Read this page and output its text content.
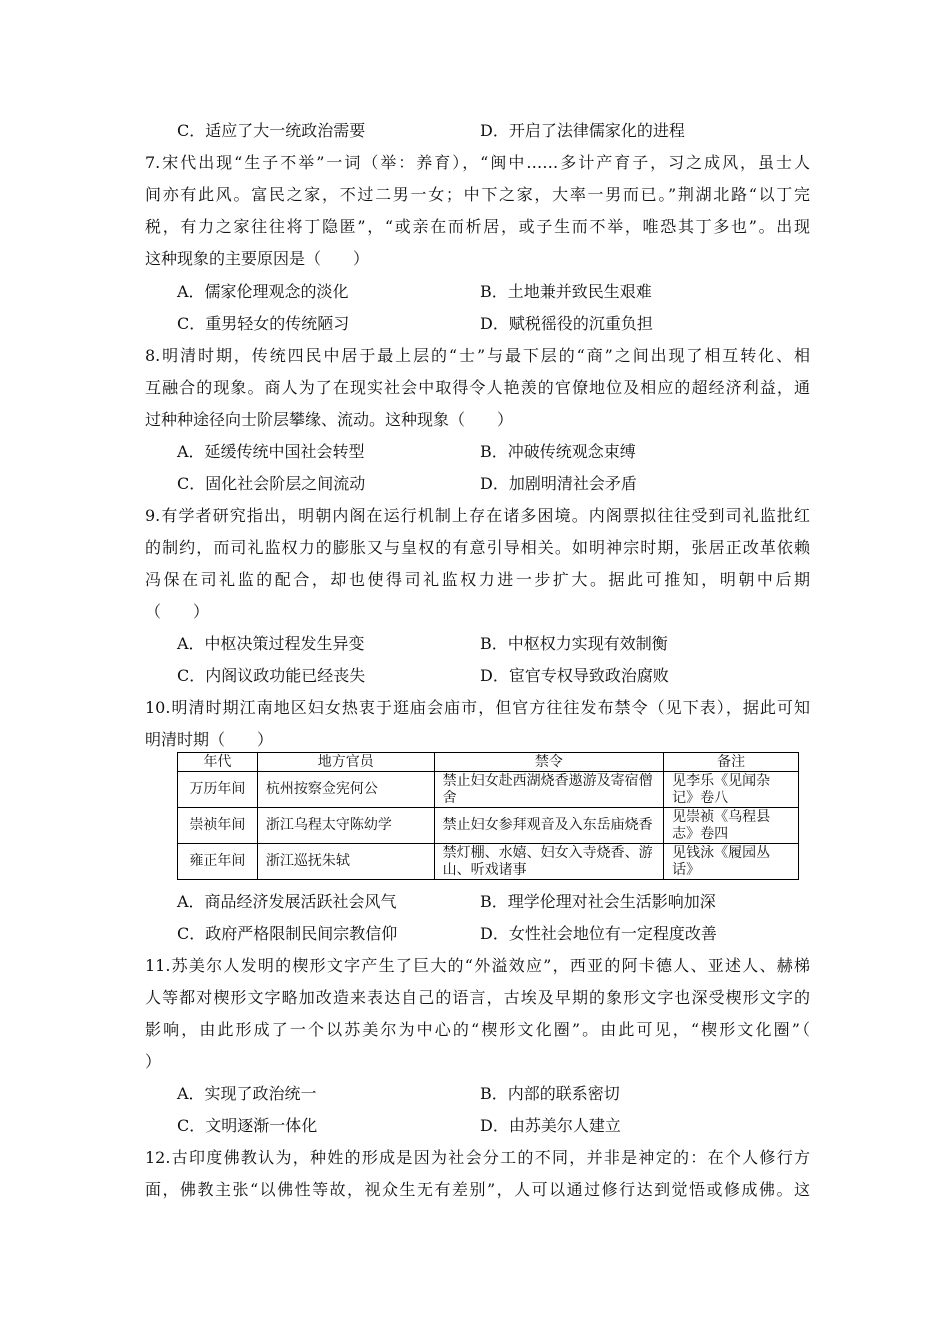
C．适应了大一统政治需要	D．开启了法律儒家化的进程
7.宋代出现“生子不举”一词（举：养育），“闽中……多计产育子，习之成风，虽士人
间亦有此风。富民之家，不过二男一女；中下之家，大率一男而已。”荆湖北路“以丁完
税，有力之家往往将丁隐匿”，“或亲在而析居，或子生而不举，唯恐其丁多也”。出现
这种现象的主要原因是（　　）
A．儒家伦理观念的淡化	B．土地兼并致民生艰难
C．重男轻女的传统陋习	D．赋税徭役的沉重负担
8.明清时期，传统四民中居于最上层的“士”与最下层的“商”之间出现了相互转化、相
互融合的现象。商人为了在现实社会中取得令人艳羡的官僚地位及相应的超经济利益，通
过种种途径向士阶层攀缘、流动。这种现象（　　）
A．延缓传统中国社会转型	B．冲破传统观念束缚
C．固化社会阶层之间流动	D．加剧明清社会矛盾
9.有学者研究指出，明朝内阁在运行机制上存在诸多困境。内阁票拟往往受到司礼监批红
的制约，而司礼监权力的膨胀又与皇权的有意引导相关。如明神宗时期，张居正改革依赖
冯保在司礼监的配合，却也使得司礼监权力进一步扩大。据此可推知，明朝中后期
（　　）
A．中枢决策过程发生异变	B．中枢权力实现有效制衡
C．内阁议政功能已经丧失	D．宦官专权导致政治腐败
10.明清时期江南地区妇女热衷于逛庙会庙市，但官方往往发布禁令（见下表），据此可知
明清时期（　　）
年代	地方官员	禁令	备注
万历年间	杭州按察佥宪何公	禁止妇女赴西湖烧香遨游及寄宿僧舍	见李乐《见闻杂记》卷八
崇祯年间	浙江乌程太守陈幼学	禁止妇女参拜观音及入东岳庙烧香	见崇祯《乌程县志》卷四
雍正年间	浙江巡抚朱轼	禁灯棚、水嬉、妇女入寺烧香、游山、听戏诸事	见钱泳《履园丛话》
A．商品经济发展活跃社会风气	B．理学伦理对社会生活影响加深
C．政府严格限制民间宗教信仰	D．女性社会地位有一定程度改善
11.苏美尔人发明的楔形文字产生了巨大的“外溢效应”，西亚的阿卡德人、亚述人、赫梯
人等都对楔形文字略加改造来表达自己的语言，古埃及早期的象形文字也深受楔形文字的
影响，由此形成了一个以苏美尔为中心的“楔形文化圈”。由此可见，“楔形文化圈”（
）
A．实现了政治统一	B．内部的联系密切
C．文明逐渐一体化	D．由苏美尔人建立
12.古印度佛教认为，种姓的形成是因为社会分工的不同，并非是神定的：在个人修行方
面，佛教主张“以佛性等故，视众生无有差别”，人可以通过修行达到觉悟或修成佛。这
